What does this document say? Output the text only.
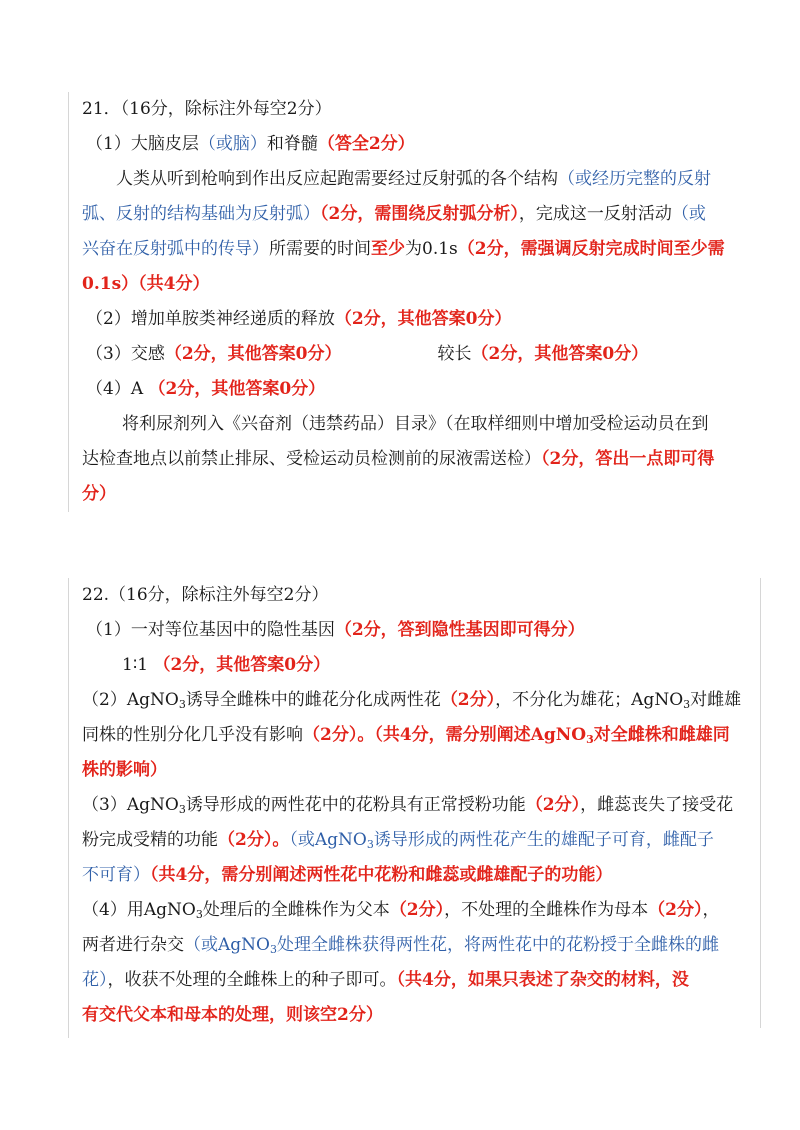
21．（16分，除标注外每空2分）
（1）大脑皮层（或脑）和脊髓（答全2分）
人类从听到枪响到作出反应起跑需要经过反射弧的各个结构（或经历完整的反射
弧、反射的结构基础为反射弧）（2分，需围绕反射弧分析），完成这一反射活动（或
兴奋在反射弧中的传导）所需要的时间至少为0.1s（2分，需强调反射完成时间至少需
0.1s）（共4分）
（2）增加单胺类神经递质的释放（2分，其他答案0分）
（3）交感（2分，其他答案0分）	较长（2分，其他答案0分）
（4）A （2分，其他答案0分）
将利尿剂列入《兴奋剂（违禁药品）目录》（在取样细则中增加受检运动员在到
达检查地点以前禁止排尿、受检运动员检测前的尿液需送检）（2分，答出一点即可得
分）
22.（16分，除标注外每空2分）
（1）一对等位基因中的隐性基因（2分，答到隐性基因即可得分）
1∶1 （2分，其他答案0分）
（2）AgNO$_3$诱导全雌株中的雌花分化成两性花（2分），不分化为雄花；AgNO$_3$对雌雄
同株的性别分化几乎没有影响（2分）。（共4分，需分别阐述AgNO$_3$对全雌株和雌雄同
株的影响）
（3）AgNO$_3$诱导形成的两性花中的花粉具有正常授粉功能（2分），雌蕊丧失了接受花
粉完成受精的功能（2分）。（或AgNO$_3$诱导形成的两性花产生的雄配子可育，雌配子
不可育）（共4分，需分别阐述两性花中花粉和雌蕊或雌雄配子的功能）
（4）用AgNO$_3$处理后的全雌株作为父本（2分），不处理的全雌株作为母本（2分），
两者进行杂交（或AgNO$_3$处理全雌株获得两性花，将两性花中的花粉授于全雌株的雌
花），收获不处理的全雌株上的种子即可。（共4分，如果只表述了杂交的材料，没
有交代父本和母本的处理，则该空2分）
